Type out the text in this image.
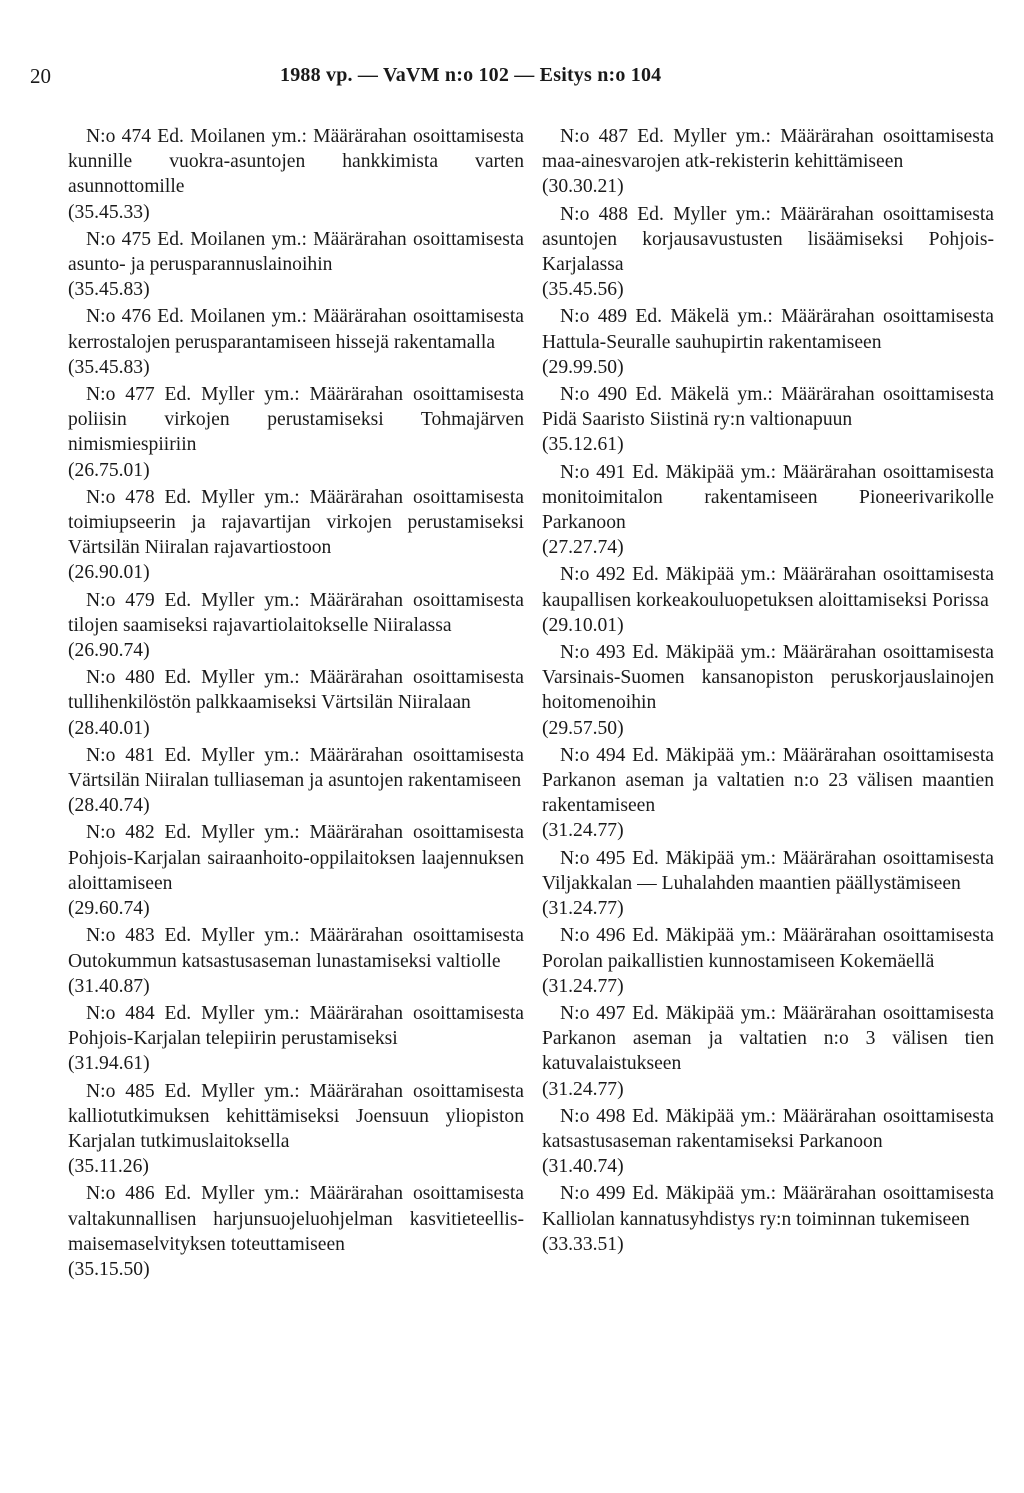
20	1988 vp. — VaVM n:o 102 — Esitys n:o 104

N:o 474 Ed. Moilanen ym.: Määrärahan osoittamisesta kunnille vuokra-asuntojen hankkimista varten asunnottomille

(35.45.33)

N:o 475 Ed. Moilanen ym.: Määrärahan osoittamisesta asunto- ja perusparannuslainoihin

(35.45.83)

N:o 476 Ed. Moilanen ym.: Määrärahan osoittamisesta kerrostalojen perusparantamiseen hissejä rakentamalla

(35.45.83)

N:o 477 Ed. Myller ym.: Määrärahan osoittamisesta poliisin virkojen perustamiseksi Tohmajärven nimismiespiiriin

(26.75.01)

N:o 478 Ed. Myller ym.: Määrärahan osoittamisesta toimiupseerin ja rajavartijan virkojen perustamiseksi Värtsilän Niiralan rajavartiostoon

(26.90.01)

N:o 479 Ed. Myller ym.: Määrärahan osoittamisesta tilojen saamiseksi rajavartiolaitokselle Niiralassa

(26.90.74)

N:o 480 Ed. Myller ym.: Määrärahan osoittamisesta tullihenkilöstön palkkaamiseksi Värtsilän Niiralaan

(28.40.01)

N:o 481 Ed. Myller ym.: Määrärahan osoittamisesta Värtsilän Niiralan tulliaseman ja asuntojen rakentamiseen

(28.40.74)

N:o 482 Ed. Myller ym.: Määrärahan osoittamisesta Pohjois-Karjalan sairaanhoito-oppilaitoksen laajennuksen aloittamiseen

(29.60.74)

N:o 483 Ed. Myller ym.: Määrärahan osoittamisesta Outokummun katsastusaseman lunastamiseksi valtiolle

(31.40.87)

N:o 484 Ed. Myller ym.: Määrärahan osoittamisesta Pohjois-Karjalan telepiirin perustamiseksi

(31.94.61)

N:o 485 Ed. Myller ym.: Määrärahan osoittamisesta kalliotutkimuksen kehittämiseksi Joensuun yliopiston Karjalan tutkimuslaitoksella

(35.11.26)

N:o 486 Ed. Myller ym.: Määrärahan osoittamisesta valtakunnallisen harjunsuojeluohjelman kasvitieteellis-maisemaselvityksen toteuttamiseen

(35.15.50)

N:o 487 Ed. Myller ym.: Määrärahan osoittamisesta maa-ainesvarojen atk-rekisterin kehittämiseen

(30.30.21)

N:o 488 Ed. Myller ym.: Määrärahan osoittamisesta asuntojen korjausavustusten lisäämiseksi Pohjois-Karjalassa

(35.45.56)

N:o 489 Ed. Mäkelä ym.: Määrärahan osoittamisesta Hattula-Seuralle sauhupirtin rakentamiseen

(29.99.50)

N:o 490 Ed. Mäkelä ym.: Määrärahan osoittamisesta Pidä Saaristo Siistinä ry:n valtionapuun

(35.12.61)

N:o 491 Ed. Mäkipää ym.: Määrärahan osoittamisesta monitoimitalon rakentamiseen Pioneerivarikolle Parkanoon

(27.27.74)

N:o 492 Ed. Mäkipää ym.: Määrärahan osoittamisesta kaupallisen korkeakouluopetuksen aloittamiseksi Porissa

(29.10.01)

N:o 493 Ed. Mäkipää ym.: Määrärahan osoittamisesta Varsinais-Suomen kansanopiston peruskorjauslainojen hoitomenoihin

(29.57.50)

N:o 494 Ed. Mäkipää ym.: Määrärahan osoittamisesta Parkanon aseman ja valtatien n:o 23 välisen maantien rakentamiseen

(31.24.77)

N:o 495 Ed. Mäkipää ym.: Määrärahan osoittamisesta Viljakkalan — Luhalahden maantien päällystämiseen

(31.24.77)

N:o 496 Ed. Mäkipää ym.: Määrärahan osoittamisesta Porolan paikallistien kunnostamiseen Kokemäellä

(31.24.77)

N:o 497 Ed. Mäkipää ym.: Määrärahan osoittamisesta Parkanon aseman ja valtatien n:o 3 välisen tien katuvalaistukseen

(31.24.77)

N:o 498 Ed. Mäkipää ym.: Määrärahan osoittamisesta katsastusaseman rakentamiseksi Parkanoon

(31.40.74)

N:o 499 Ed. Mäkipää ym.: Määrärahan osoittamisesta Kalliolan kannatusyhdistys ry:n toiminnan tukemiseen

(33.33.51)
